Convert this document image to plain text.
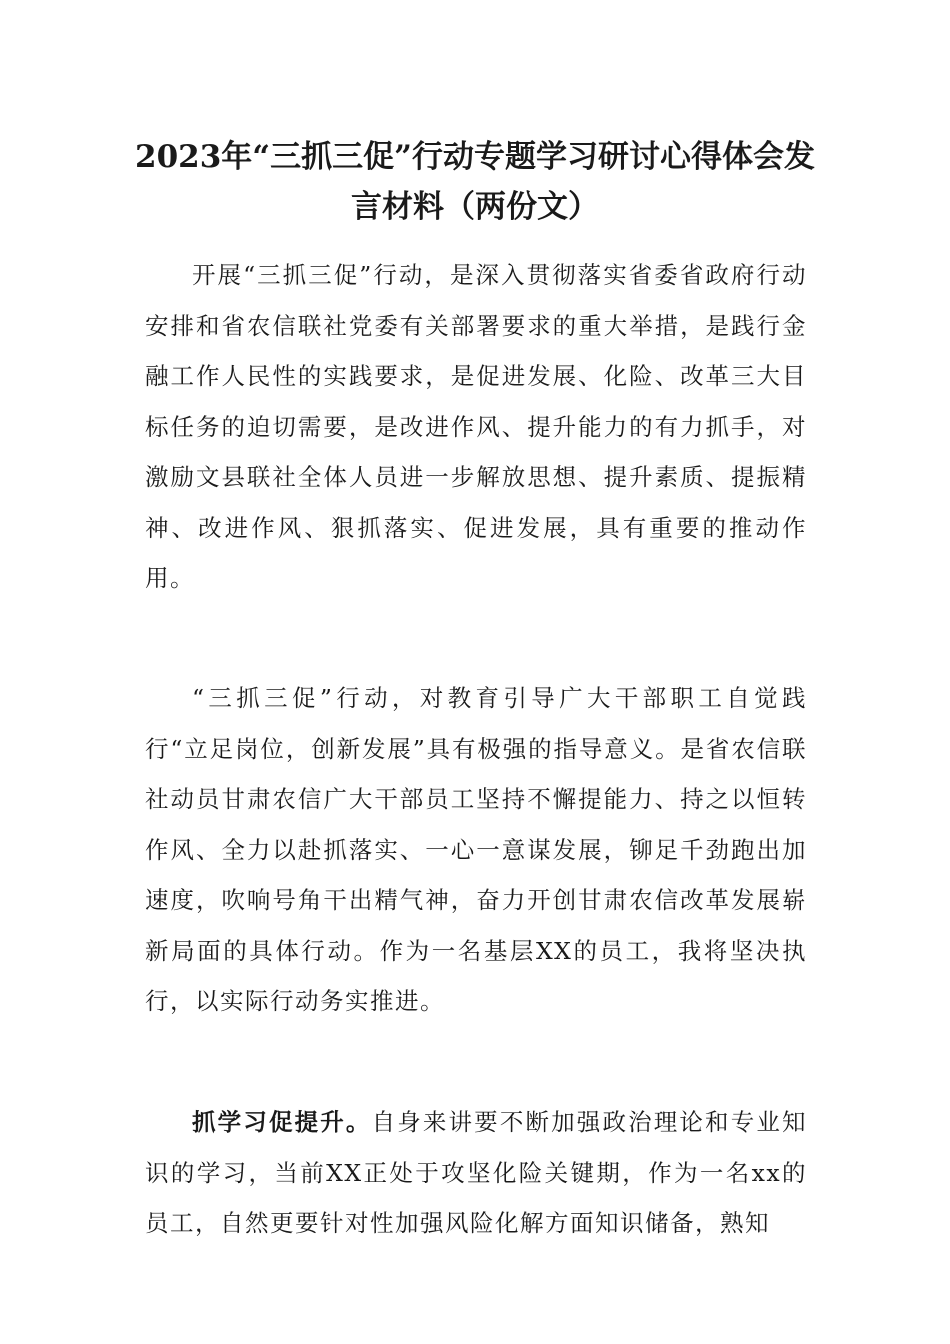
2023年“三抓三促”行动专题学习研讨心得体会发言材料（两份文）

开展“三抓三促”行动，是深入贯彻落实省委省政府行动安排和省农信联社党委有关部署要求的重大举措，是践行金融工作人民性的实践要求，是促进发展、化险、改革三大目标任务的迫切需要，是改进作风、提升能力的有力抓手，对激励文县联社全体人员进一步解放思想、提升素质、提振精神、改进作风、狠抓落实、促进发展，具有重要的推动作用。

“三抓三促”行动，对教育引导广大干部职工自觉践行“立足岗位，创新发展”具有极强的指导意义。是省农信联社动员甘肃农信广大干部员工坚持不懈提能力、持之以恒转作风、全力以赴抓落实、一心一意谋发展，铆足千劲跑出加速度，吹响号角干出精气神，奋力开创甘肃农信改革发展崭新局面的具体行动。作为一名基层XX的员工，我将坚决执行，以实际行动务实推进。

抓学习促提升。自身来讲要不断加强政治理论和专业知识的学习，当前XX正处于攻坚化险关键期，作为一名xx的员工，自然更要针对性加强风险化解方面知识储备，熟知
